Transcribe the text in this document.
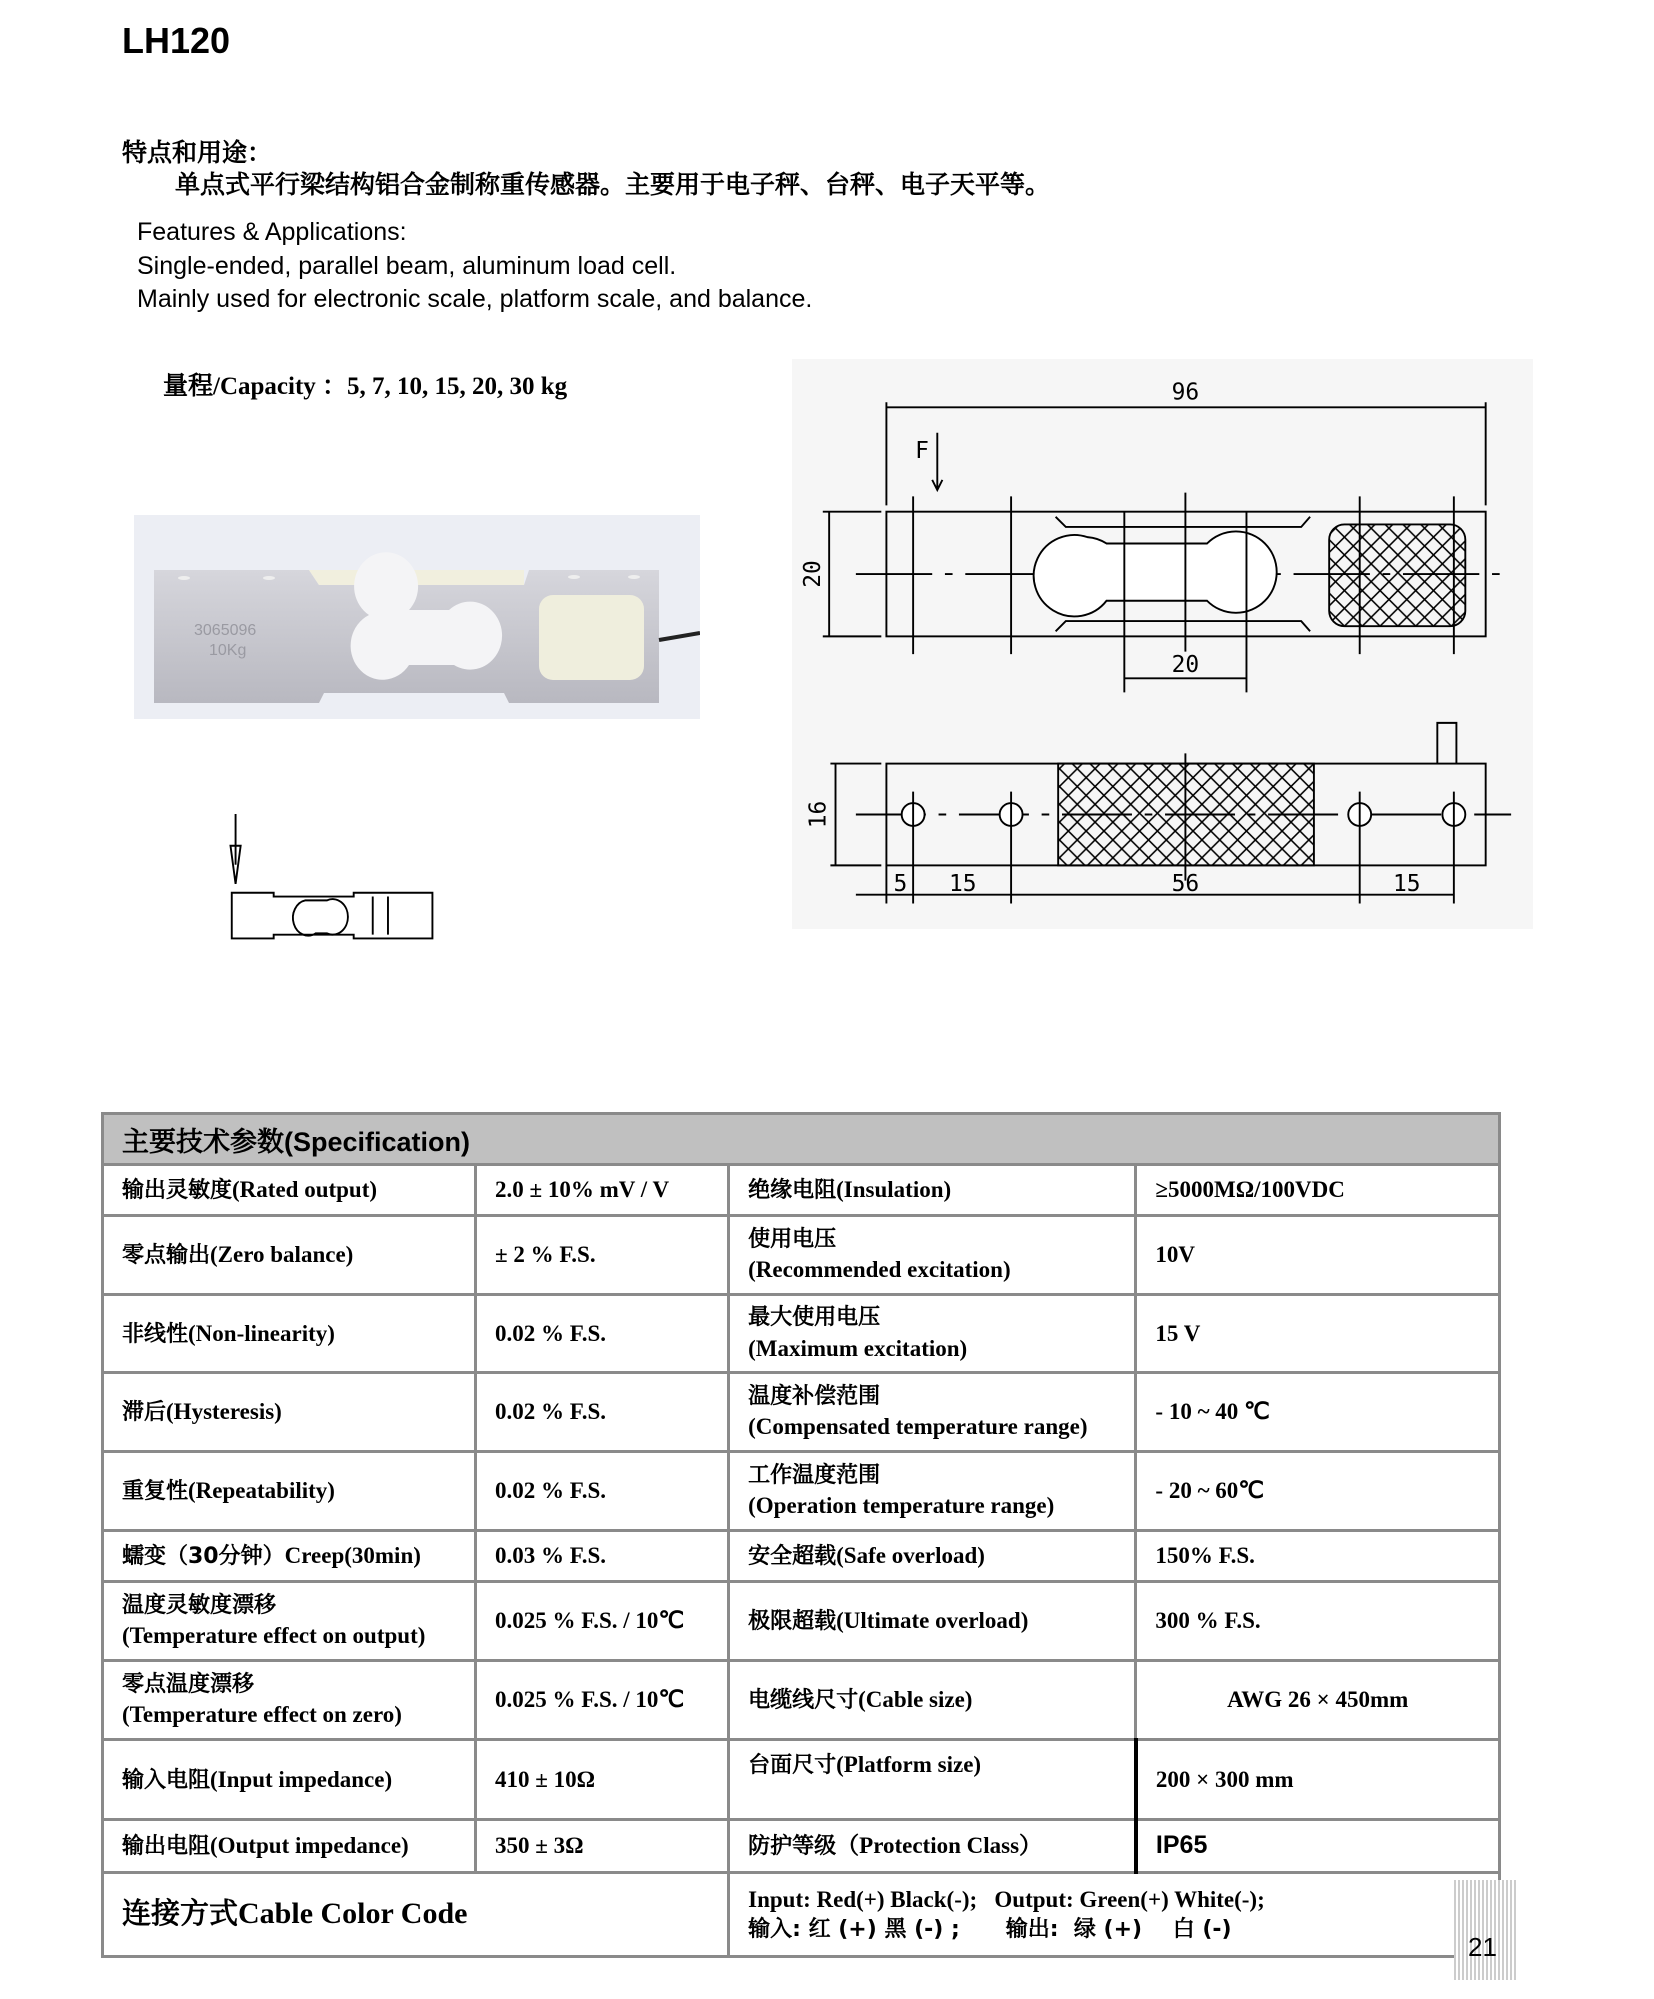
LH120
特点和用途：
单点式平行梁结构铝合金制称重传感器。主要用于电子秤、台秤、电子天平等。
Features & Applications:
Single-ended, parallel beam, aluminum load cell.
Mainly used for electronic scale, platform scale, and balance.
量程/Capacity ：5, 7, 10, 15, 20, 30 kg
3065096
10Kg
96
F
20
20
16
5 15	56	15
主要技术参数(Specification)			
输出灵敏度(Rated output)	2.0 ± 10% mV / V	绝缘电阻(Insulation)	≥5000MΩ/100VDC
零点输出(Zero balance)	± 2 % F.S.	使用电压
(Recommended excitation)	10V
非线性(Non-linearity)	0.02 % F.S.	最大使用电压
(Maximum excitation)	15 V
滞后(Hysteresis)	0.02 % F.S.	温度补偿范围
(Compensated temperature range)	- 10 ~ 40 ℃
重复性(Repeatability)	0.02 % F.S.	工作温度范围
(Operation temperature range)	- 20 ~ 60℃
蠕变（30分钟）Creep(30min)	0.03 % F.S.	安全超载(Safe overload)	150% F.S.

温度灵敏度漂移
(Temperature effect on output)	0.025 % F.S. / 10℃	极限超载(Ultimate overload)	300 % F.S.

零点温度漂移
(Temperature effect on zero)	0.025 % F.S. / 10℃	电缆线尺寸(Cable size)	AWG 26 × 450mm
输入电阻(Input impedance)	410 ± 10Ω	台面尺寸(Platform size)	200 × 300 mm
输出电阻(Output impedance)	350 ± 3Ω	防护等级（Protection Class）	IP65
连接方式Cable Color Code		Input: Red(+) Black(-);   Output: Green(+) White(-);
输入: 红 (+) 黑 (-) ;      输出:  绿 (+)    白 (-)	
21
